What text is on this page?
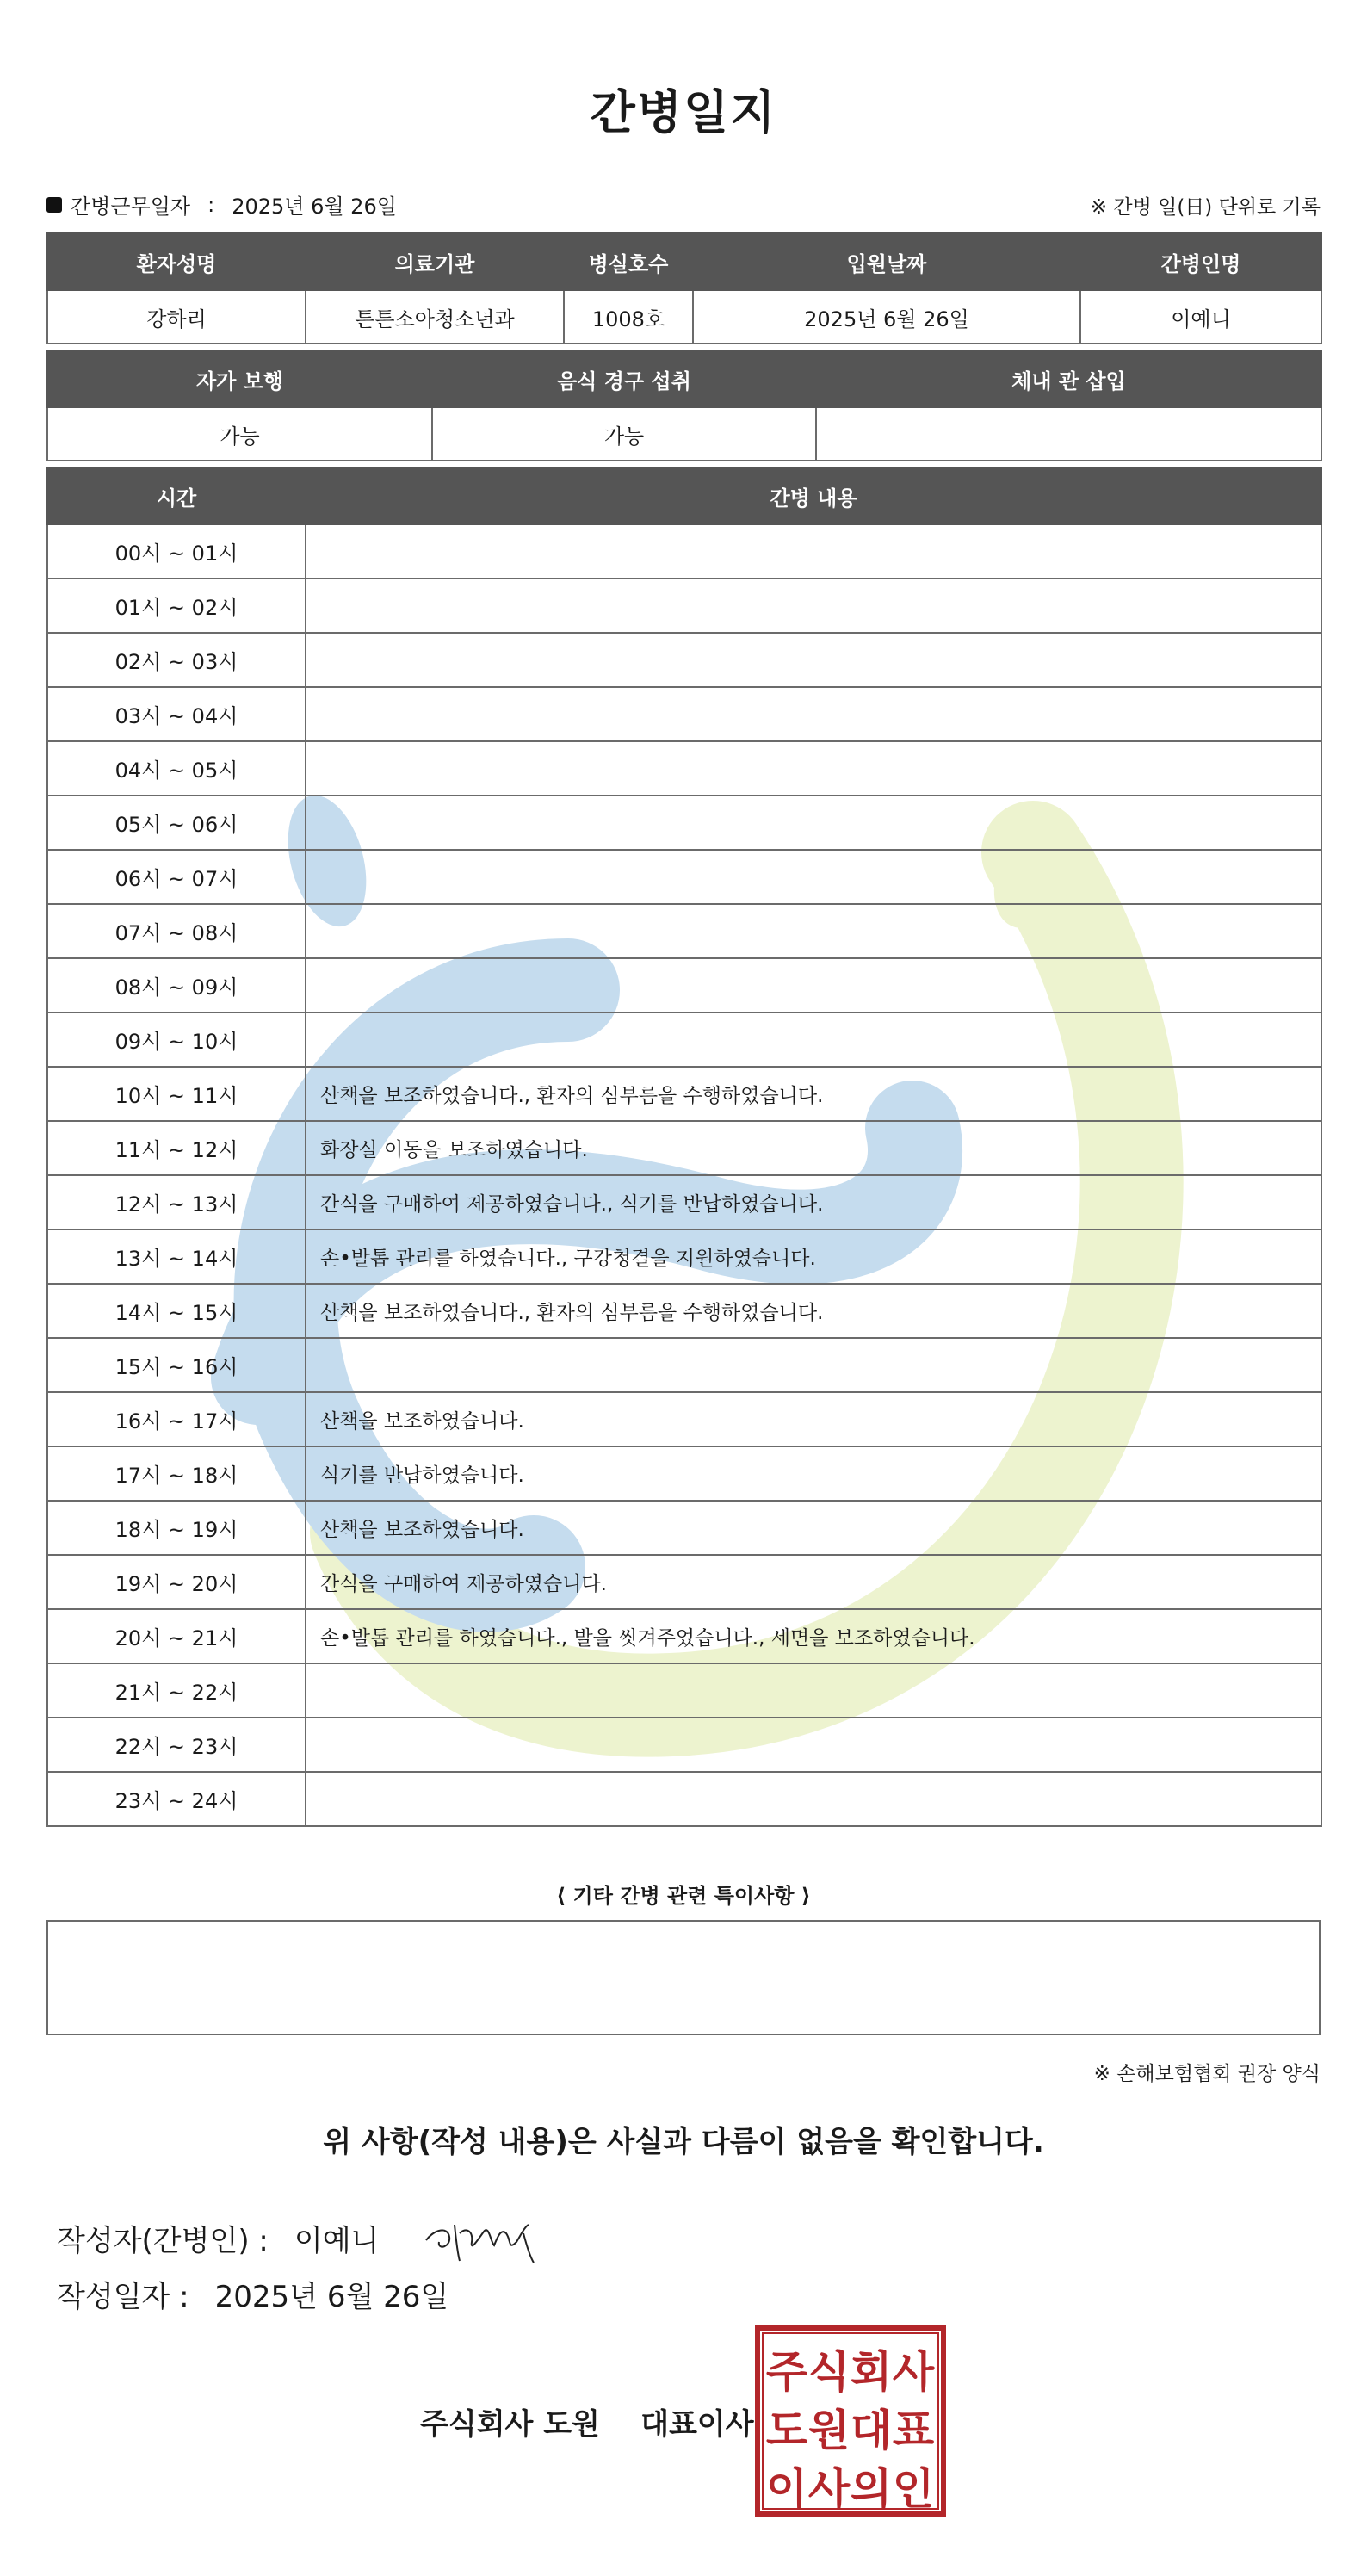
간병일지
간병근무일자 : 2025년 6월 26일	※ 간병 일(日) 단위로 기록
환자성명	의료기관	병실호수	입원날짜	간병인명
강하리	튼튼소아청소년과	1008호	2025년 6월 26일	이예니
자가 보행	음식 경구 섭취	체내 관 삽입
가능	가능	
시간	간병 내용
00시 ~ 01시	
01시 ~ 02시	
02시 ~ 03시	
03시 ~ 04시	
04시 ~ 05시	
05시 ~ 06시	
06시 ~ 07시	
07시 ~ 08시	
08시 ~ 09시	
09시 ~ 10시	
10시 ~ 11시	산책을 보조하였습니다., 환자의 심부름을 수행하였습니다.
11시 ~ 12시	화장실 이동을 보조하였습니다.
12시 ~ 13시	간식을 구매하여 제공하였습니다., 식기를 반납하였습니다.
13시 ~ 14시	손•발톱 관리를 하였습니다., 구강청결을 지원하였습니다.
14시 ~ 15시	산책을 보조하였습니다., 환자의 심부름을 수행하였습니다.
15시 ~ 16시	
16시 ~ 17시	산책을 보조하였습니다.
17시 ~ 18시	식기를 반납하였습니다.
18시 ~ 19시	산책을 보조하였습니다.
19시 ~ 20시	간식을 구매하여 제공하였습니다.
20시 ~ 21시	손•발톱 관리를 하였습니다., 발을 씻겨주었습니다., 세면을 보조하였습니다.
21시 ~ 22시	
22시 ~ 23시	
23시 ~ 24시	
⟨ 기타 간병 관련 특이사항 ⟩
※ 손해보험협회 권장 양식
위 사항(작성 내용)은 사실과 다름이 없음을 확인합니다.
작성자(간병인) : 이예니
작성일자 : 2025년 6월 26일
주식회사 도원    대표이사
주 식 회 사
도 원 대 표
이 사 의 인
